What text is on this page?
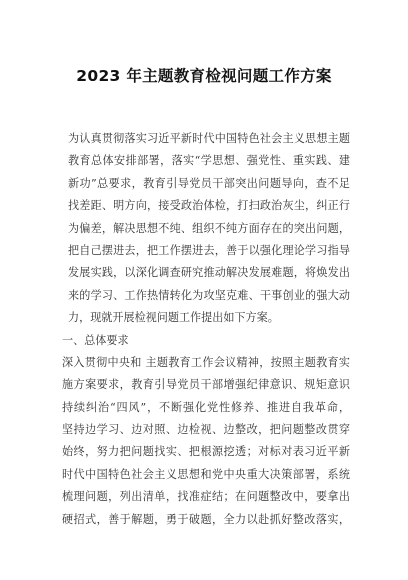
2023 年主题教育检视问题工作方案
为认真贯彻落实习近平新时代中国特色社会主义思想主题
教育总体安排部署，落实“学思想、强党性、重实践、建
新功”总要求，教育引导党员干部突出问题导向，查不足
找差距、明方向，接受政治体检，打扫政治灰尘，纠正行
为偏差，解决思想不纯、组织不纯方面存在的突出问题，
把自己摆进去，把工作摆进去，善于以强化理论学习指导
发展实践，以深化调查研究推动解决发展难题，将焕发出
来的学习、工作热情转化为攻坚克难、干事创业的强大动
力，现就开展检视问题工作提出如下方案。
一、总体要求
深入贯彻中央和 主题教育工作会议精神，按照主题教育实
施方案要求，教育引导党员干部增强纪律意识、规矩意识
持续纠治“四风”，不断强化党性修养、推进自我革命，
坚持边学习、边对照、边检视、边整改，把问题整改贯穿
始终，努力把问题找实、把根源挖透；对标对表习近平新
时代中国特色社会主义思想和党中央重大决策部署，系统
梳理问题，列出清单，找准症结；在问题整改中，要拿出
硬招式，善于解题，勇于破题，全力以赴抓好整改落实，
